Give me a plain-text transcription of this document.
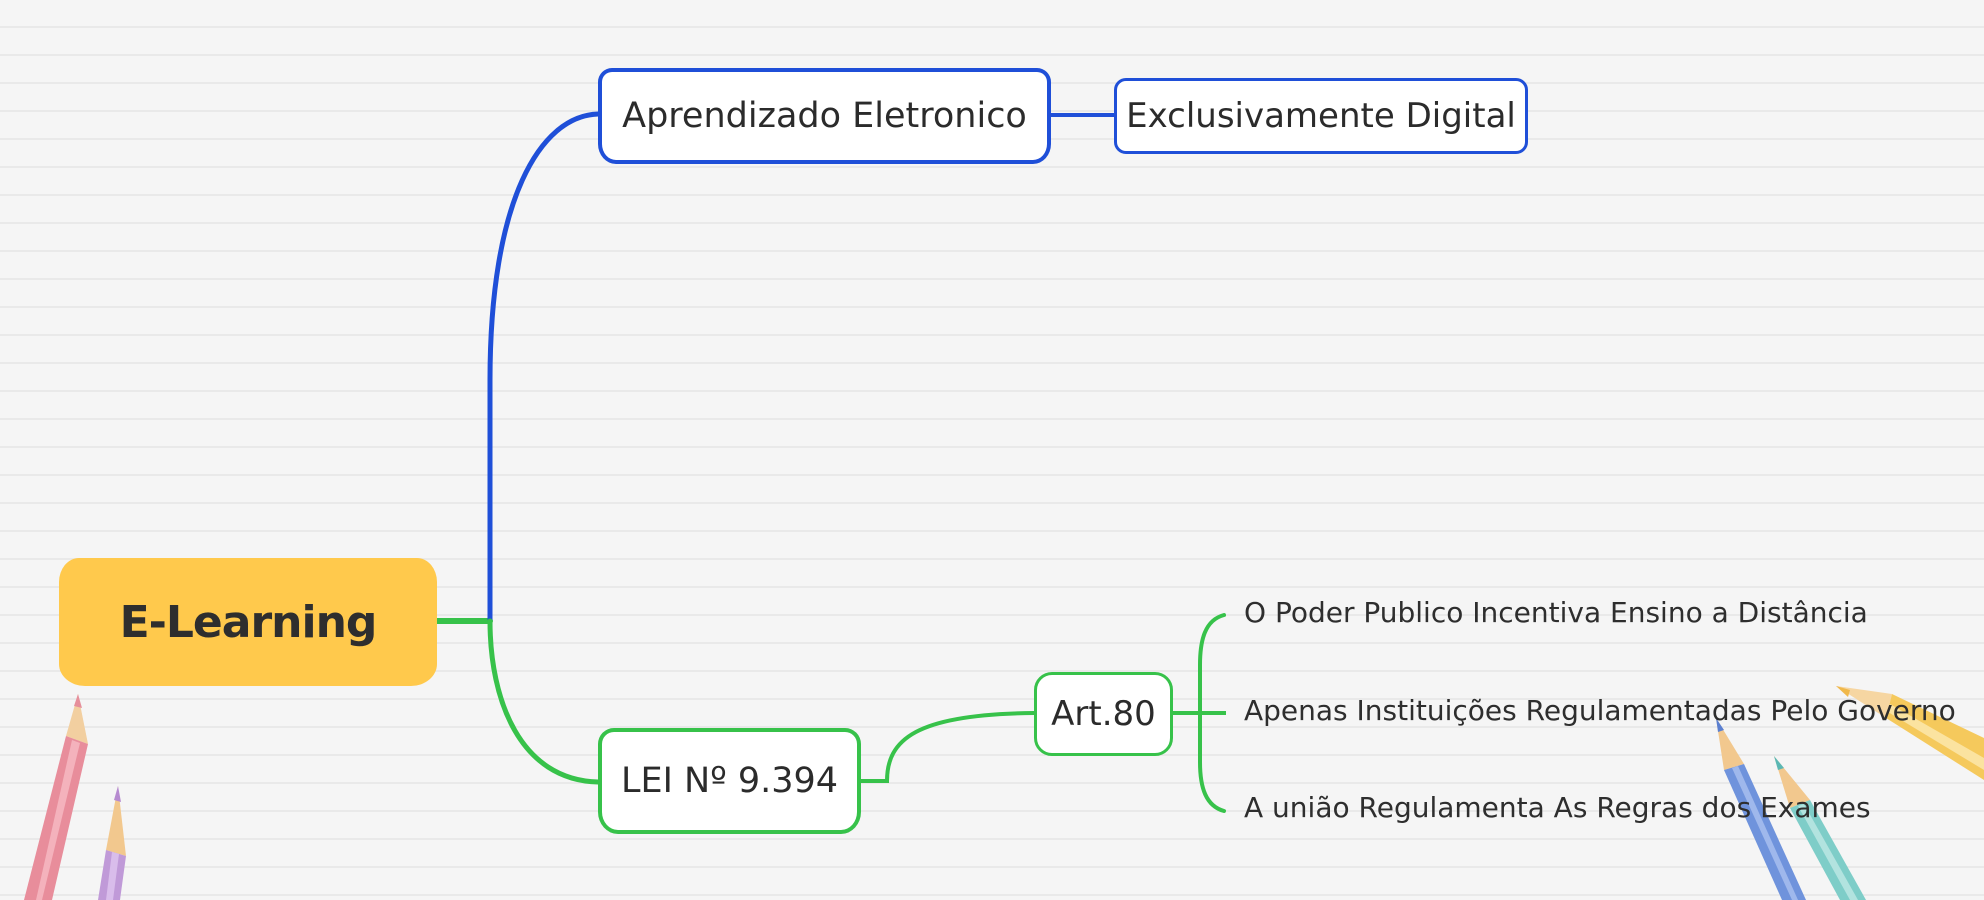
E-Learning
Aprendizado Eletronico	Exclusivamente Digital
LEI Nº 9.394
Art.80
O Poder Publico Incentiva Ensino a Distância
Apenas Instituições Regulamentadas Pelo Governo
A união Regulamenta As Regras dos Exames
